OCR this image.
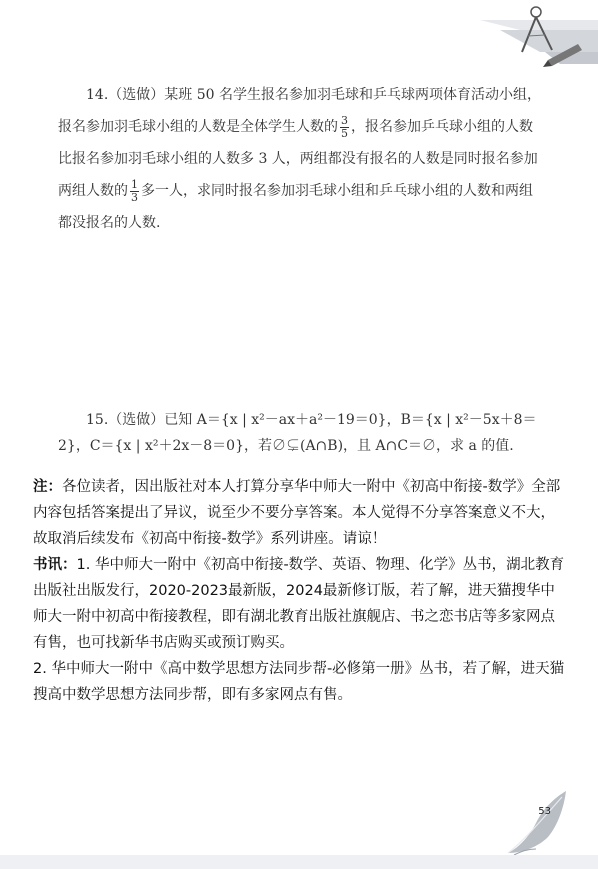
14.（选做）某班 50 名学生报名参加羽毛球和乒乓球两项体育活动小组，
报名参加羽毛球小组的人数是全体学生人数的 $\frac{3}{5}$ ，报名参加乒乓球小组的人数
比报名参加羽毛球小组的人数多 3 人，两组都没有报名的人数是同时报名参加
两组人数的 $\frac{1}{3}$ 多一人，求同时报名参加羽毛球小组和乒乓球小组的人数和两组
都没报名的人数.
15.（选做）已知 A＝{x | x²－ax＋a²－19＝0}，B＝{x | x²－5x＋8＝
2}，C＝{x | x²＋2x－8＝0}，若∅⊊(A∩B)，且 A∩C＝∅，求 a 的值.
注：各位读者，因出版社对本人打算分享华中师大一附中《初高中衔接-数学》全部内容包括答案提出了异议，说至少不要分享答案。本人觉得不分享答案意义不大，故取消后续发布《初高中衔接-数学》系列讲座。请谅！
书讯：1. 华中师大一附中《初高中衔接-数学、英语、物理、化学》丛书，湖北教育出版社出版发行，2020-2023最新版，2024最新修订版，若了解，进天猫搜华中师大一附中初高中衔接教程，即有湖北教育出版社旗舰店、书之恋书店等多家网点有售，也可找新华书店购买或预订购买。
2. 华中师大一附中《高中数学思想方法同步帮-必修第一册》丛书，若了解，进天猫搜高中数学思想方法同步帮，即有多家网点有售。
53
